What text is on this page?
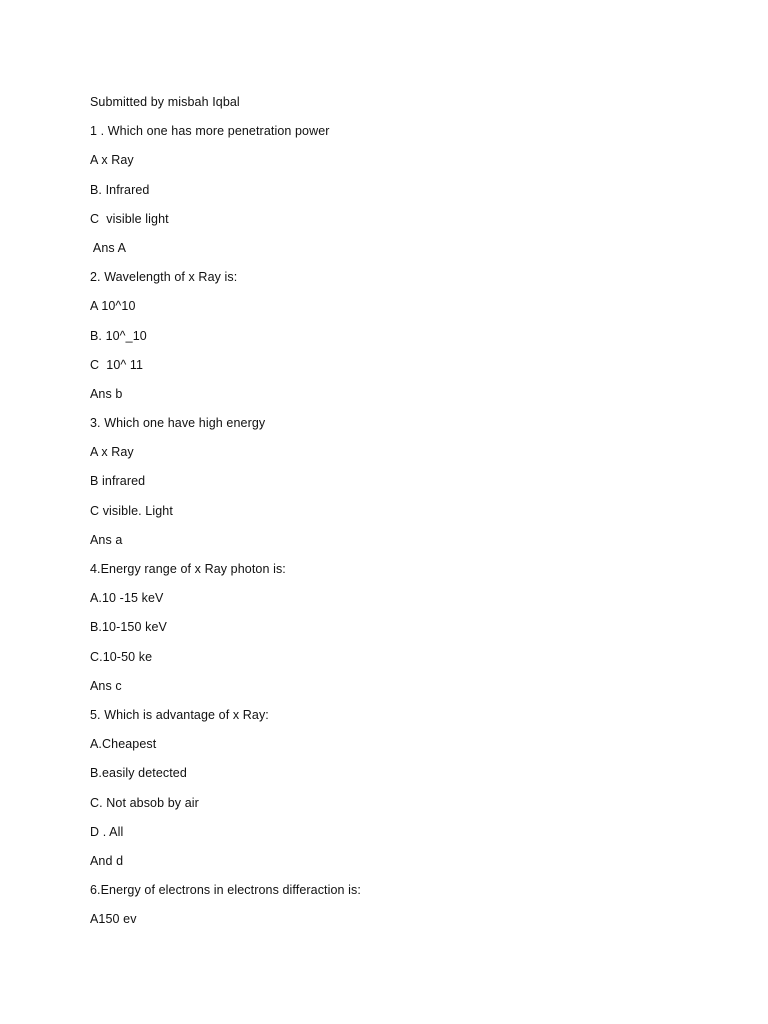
Submitted by misbah Iqbal
1 . Which one has more penetration power
A x Ray
B. Infrared
C  visible light
Ans A
2. Wavelength of x Ray is:
A 10^10
B. 10^_10
C  10^ 11
Ans b
3. Which one have high energy
A x Ray
B infrared
C visible. Light
Ans a
4.Energy range of x Ray photon is:
A.10 -15 keV
B.10-150 keV
C.10-50 ke
Ans c
5. Which is advantage of x Ray:
A.Cheapest
B.easily detected
C. Not absob by air
D . All
And d
6.Energy of electrons in electrons differaction is:
A150 ev
